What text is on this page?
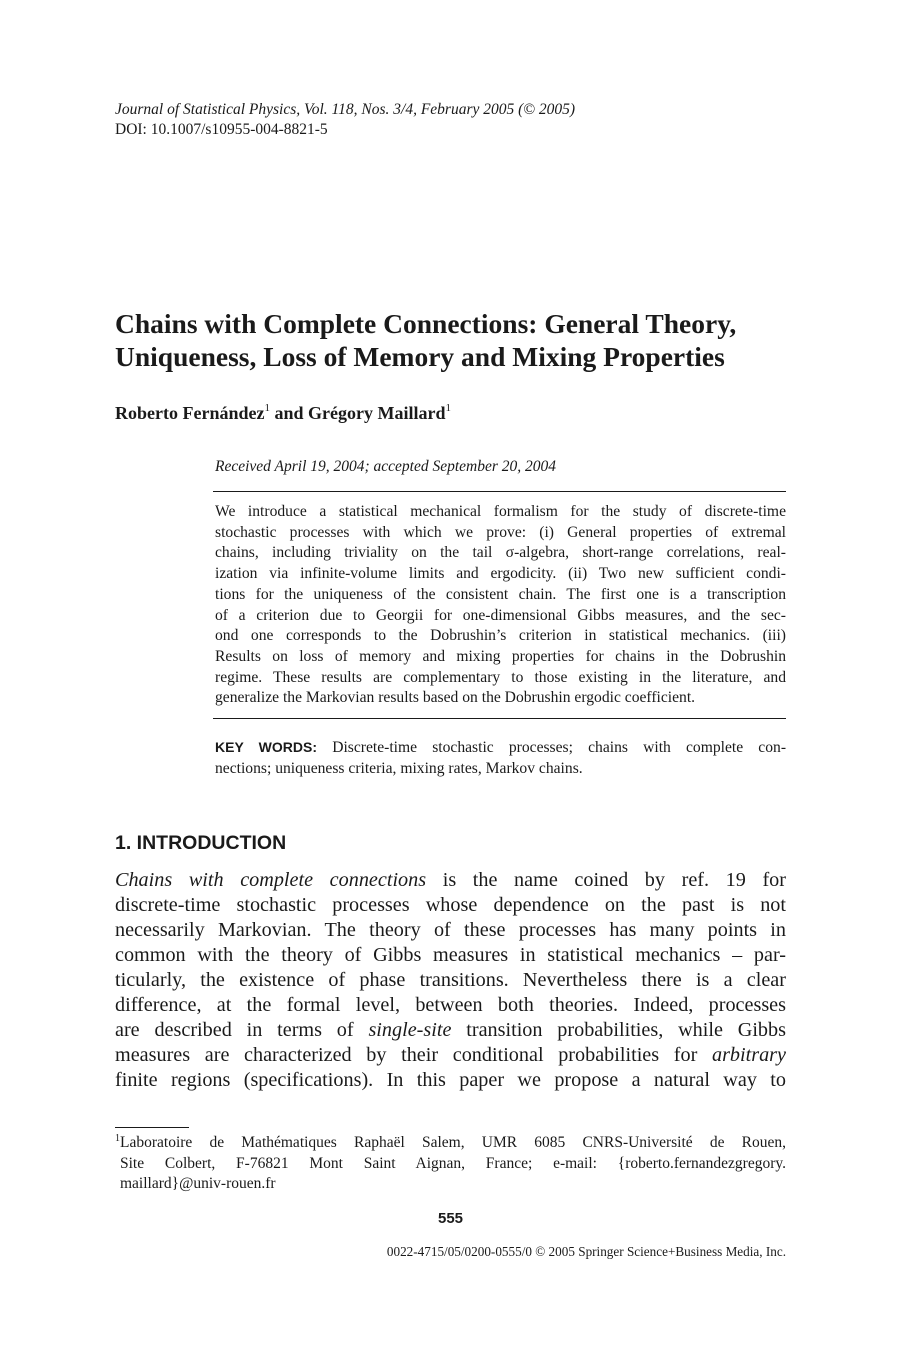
Journal of Statistical Physics, Vol. 118, Nos. 3/4, February 2005 (© 2005)
DOI: 10.1007/s10955-004-8821-5
Chains with Complete Connections: General Theory,
Uniqueness, Loss of Memory and Mixing Properties
Roberto Fernández$^1$ and Grégory Maillard$^1$
Received April 19, 2004; accepted September 20, 2004
We introduce a statistical mechanical formalism for the study of discrete-time
stochastic processes with which we prove: (i) General properties of extremal
chains, including triviality on the tail σ-algebra, short-range correlations, real-
ization via infinite-volume limits and ergodicity. (ii) Two new sufficient condi-
tions for the uniqueness of the consistent chain. The first one is a transcription
of a criterion due to Georgii for one-dimensional Gibbs measures, and the sec-
ond one corresponds to the Dobrushin’s criterion in statistical mechanics. (iii)
Results on loss of memory and mixing properties for chains in the Dobrushin
regime. These results are complementary to those existing in the literature, and
generalize the Markovian results based on the Dobrushin ergodic coefficient.
KEY WORDS: Discrete-time stochastic processes; chains with complete con-
nections; uniqueness criteria, mixing rates, Markov chains.
1. INTRODUCTION
Chains with complete connections is the name coined by ref. 19 for
discrete-time stochastic processes whose dependence on the past is not
necessarily Markovian. The theory of these processes has many points in
common with the theory of Gibbs measures in statistical mechanics – par-
ticularly, the existence of phase transitions. Nevertheless there is a clear
difference, at the formal level, between both theories. Indeed, processes
are described in terms of single-site transition probabilities, while Gibbs
measures are characterized by their conditional probabilities for arbitrary
finite regions (specifications). In this paper we propose a natural way to
$^1$Laboratoire de Mathématiques Raphaël Salem, UMR 6085 CNRS-Université de Rouen,
Site Colbert, F-76821 Mont Saint Aignan, France; e-mail: {roberto.fernandezgregory.
maillard}@univ-rouen.fr
555
0022-4715/05/0200-0555/0 © 2005 Springer Science+Business Media, Inc.
